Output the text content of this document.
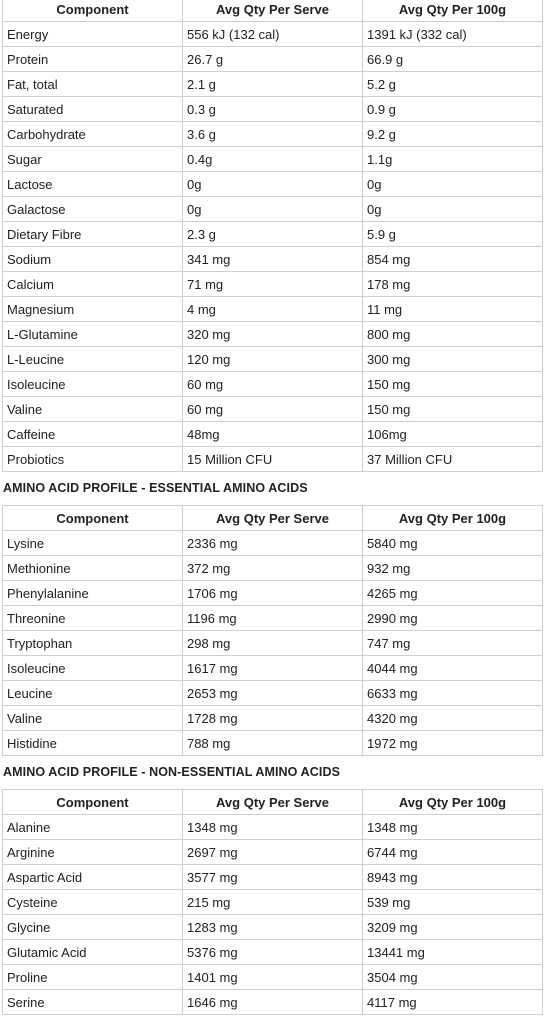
Component	Avg Qty Per Serve	Avg Qty Per 100g
Energy	556 kJ (132 cal)	1391 kJ (332 cal)
Protein	26.7 g	66.9 g
Fat, total	2.1 g	5.2 g
Saturated	0.3 g	0.9 g
Carbohydrate	3.6 g	9.2 g
Sugar	0.4g	1.1g
Lactose	0g	0g
Galactose	0g	0g
Dietary Fibre	2.3 g	5.9 g
Sodium	341 mg	854 mg
Calcium	71 mg	178 mg
Magnesium	4 mg	11 mg
L-Glutamine	320 mg	800 mg
L-Leucine	120 mg	300 mg
Isoleucine	60 mg	150 mg
Valine	60 mg	150 mg
Caffeine	48mg	106mg
Probiotics	15 Million CFU	37 Million CFU
AMINO ACID PROFILE - ESSENTIAL AMINO ACIDS
Component	Avg Qty Per Serve	Avg Qty Per 100g
Lysine	2336 mg	5840 mg
Methionine	372 mg	932 mg
Phenylalanine	1706 mg	4265 mg
Threonine	1196 mg	2990 mg
Tryptophan	298 mg	747 mg
Isoleucine	1617 mg	4044 mg
Leucine	2653 mg	6633 mg
Valine	1728 mg	4320 mg
Histidine	788 mg	1972 mg
AMINO ACID PROFILE - NON-ESSENTIAL AMINO ACIDS
Component	Avg Qty Per Serve	Avg Qty Per 100g
Alanine	1348 mg	1348 mg
Arginine	2697 mg	6744 mg
Aspartic Acid	3577 mg	8943 mg
Cysteine	215 mg	539 mg
Glycine	1283 mg	3209 mg
Glutamic Acid	5376 mg	13441 mg
Proline	1401 mg	3504 mg
Serine	1646 mg	4117 mg
